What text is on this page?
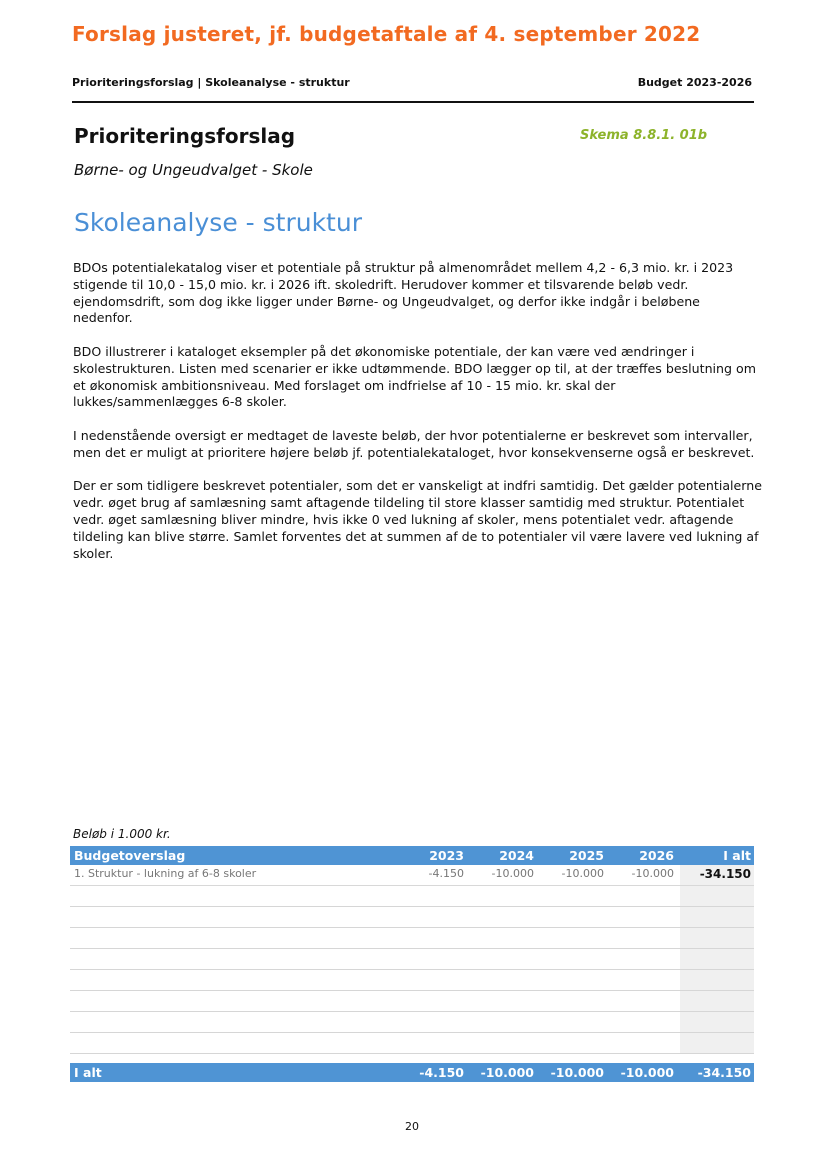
Forslag justeret, jf. budgetaftale af 4. september 2022
Prioriteringsforslag | Skoleanalyse - struktur	Budget 2023-2026
Prioriteringsforslag	Skema 8.8.1. 01b
Børne- og Ungeudvalget - Skole
Skoleanalyse - struktur

BDOs potentialekatalog viser et potentiale på struktur på almenområdet mellem 4,2 - 6,3 mio. kr. i 2023 stigende til 10,0 - 15,0 mio. kr. i 2026 ift. skoledrift. Herudover kommer et tilsvarende beløb vedr. ejendomsdrift, som dog ikke ligger under Børne- og Ungeudvalget, og derfor ikke indgår i beløbene nedenfor.

BDO illustrerer i kataloget eksempler på det økonomiske potentiale, der kan være ved ændringer i skolestrukturen. Listen med scenarier er ikke udtømmende. BDO lægger op til, at der træffes beslutning om et økonomisk ambitionsniveau. Med forslaget om indfrielse af 10 - 15 mio. kr. skal der lukkes/sammenlægges 6-8 skoler.

I nedenstående oversigt er medtaget de laveste beløb, der hvor potentialerne er beskrevet som intervaller, men det er muligt at prioritere højere beløb jf. potentialekataloget, hvor konsekvenserne også er beskrevet.

Der er som tidligere beskrevet potentialer, som det er vanskeligt at indfri samtidig. Det gælder potentialerne vedr. øget brug af samlæsning samt aftagende tildeling til store klasser samtidig med struktur. Potentialet vedr. øget samlæsning bliver mindre, hvis ikke 0 ved lukning af skoler, mens potentialet vedr. aftagende tildeling kan blive større. Samlet forventes det at summen af de to potentialer vil være lavere ved lukning af skoler.

Beløb i 1.000 kr.
Budgetoverslag	2023	2024	2025	2026	I alt
1. Struktur - lukning af 6-8 skoler	-4.150	-10.000	-10.000	-10.000 -34.150
I alt	-4.150 -10.000 -10.000 -10.000 -34.150
20
